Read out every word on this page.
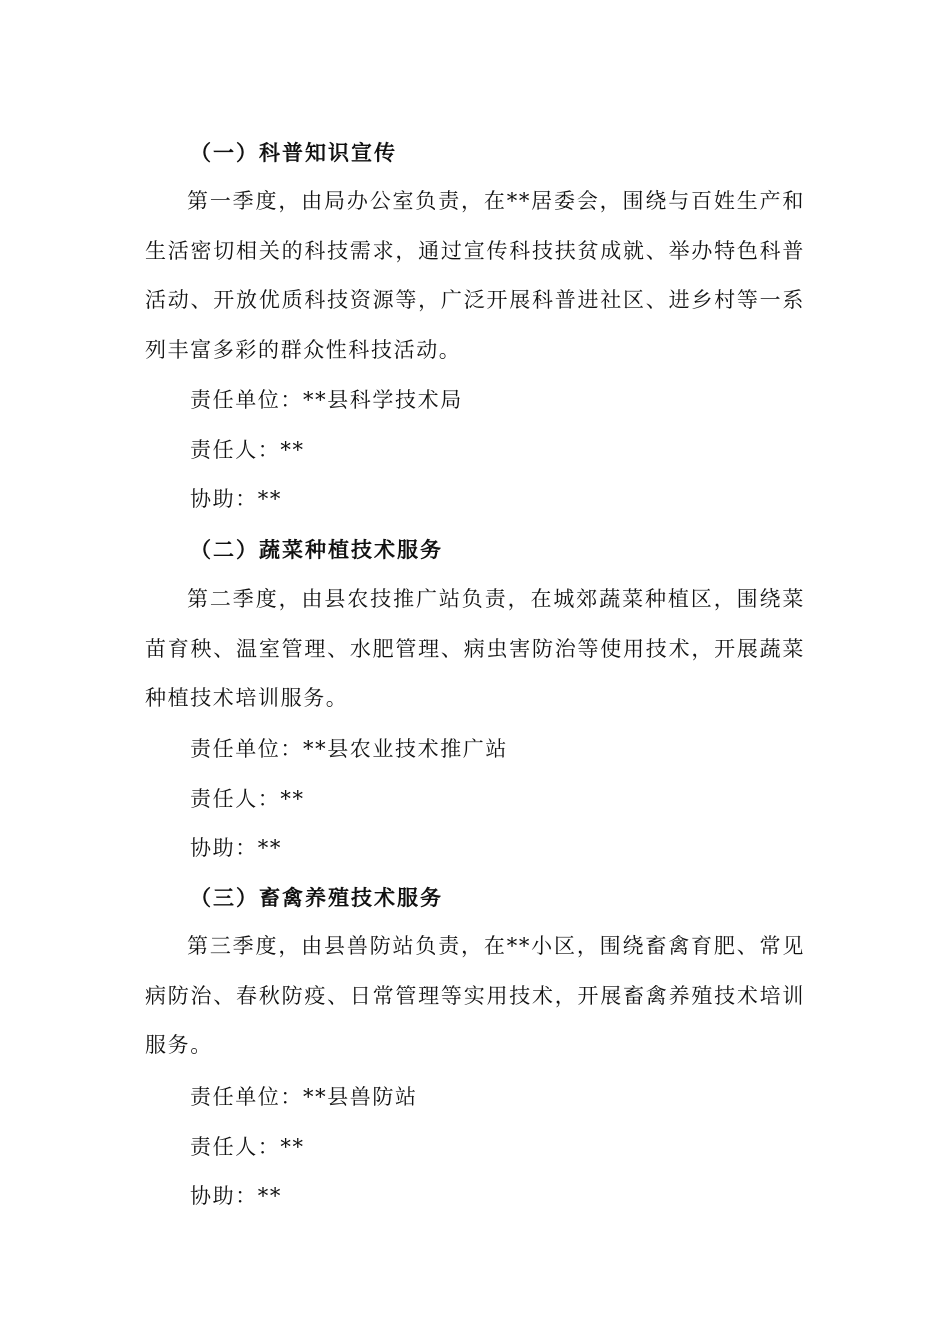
（一）科普知识宣传
第一季度，由局办公室负责，在**居委会，围绕与百姓生产和生活密切相关的科技需求，通过宣传科技扶贫成就、举办特色科普活动、开放优质科技资源等，广泛开展科普进社区、进乡村等一系列丰富多彩的群众性科技活动。
责任单位：**县科学技术局
责任人：**
协助：**
（二）蔬菜种植技术服务
第二季度，由县农技推广站负责，在城郊蔬菜种植区，围绕菜苗育秧、温室管理、水肥管理、病虫害防治等使用技术，开展蔬菜种植技术培训服务。
责任单位：**县农业技术推广站
责任人：**
协助：**
（三）畜禽养殖技术服务
第三季度，由县兽防站负责，在**小区，围绕畜禽育肥、常见病防治、春秋防疫、日常管理等实用技术，开展畜禽养殖技术培训服务。
责任单位：**县兽防站
责任人：**
协助：**
